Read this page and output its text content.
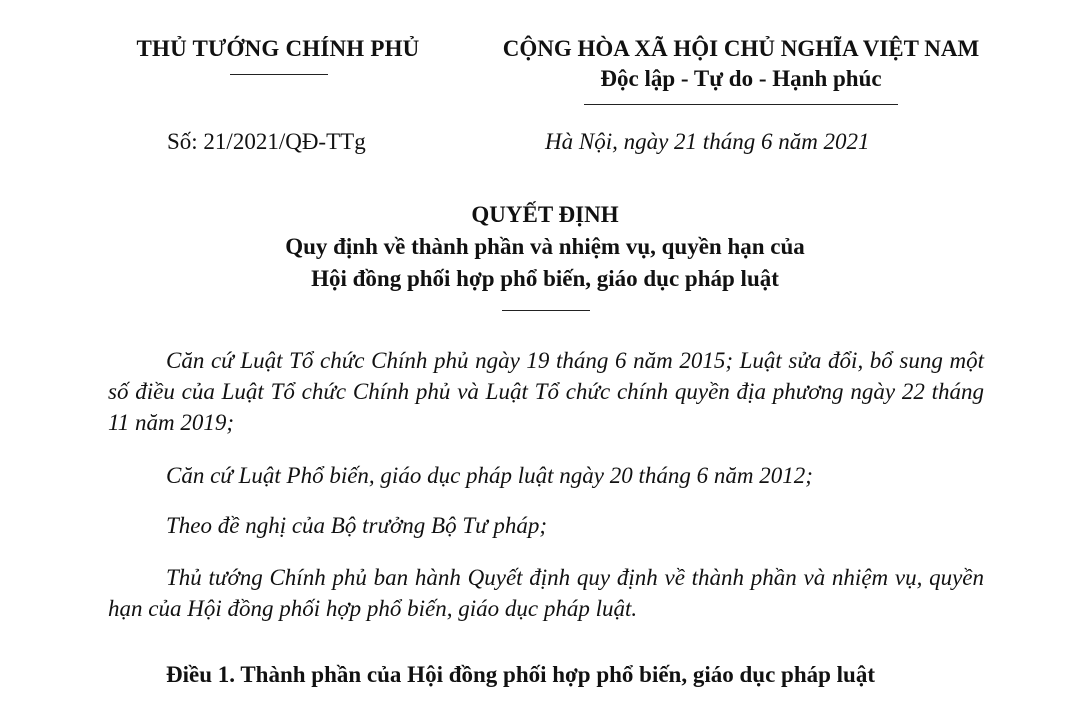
THỦ TƯỚNG CHÍNH PHỦ	CỘNG HÒA XÃ HỘI CHỦ NGHĨA VIỆT NAM
Độc lập - Tự do - Hạnh phúc
Số: 21/2021/QĐ-TTg	Hà Nội, ngày 21 tháng 6 năm 2021
QUYẾT ĐỊNH
Quy định về thành phần và nhiệm vụ, quyền hạn của
Hội đồng phối hợp phổ biến, giáo dục pháp luật
Căn cứ Luật Tổ chức Chính phủ ngày 19 tháng 6 năm 2015; Luật sửa đổi, bổ sung một số điều của Luật Tổ chức Chính phủ và Luật Tổ chức chính quyền địa phương ngày 22 tháng 11 năm 2019;
Căn cứ Luật Phổ biến, giáo dục pháp luật ngày 20 tháng 6 năm 2012;
Theo đề nghị của Bộ trưởng Bộ Tư pháp;
Thủ tướng Chính phủ ban hành Quyết định quy định về thành phần và nhiệm vụ, quyền hạn của Hội đồng phối hợp phổ biến, giáo dục pháp luật.
Điều 1. Thành phần của Hội đồng phối hợp phổ biến, giáo dục pháp luật
